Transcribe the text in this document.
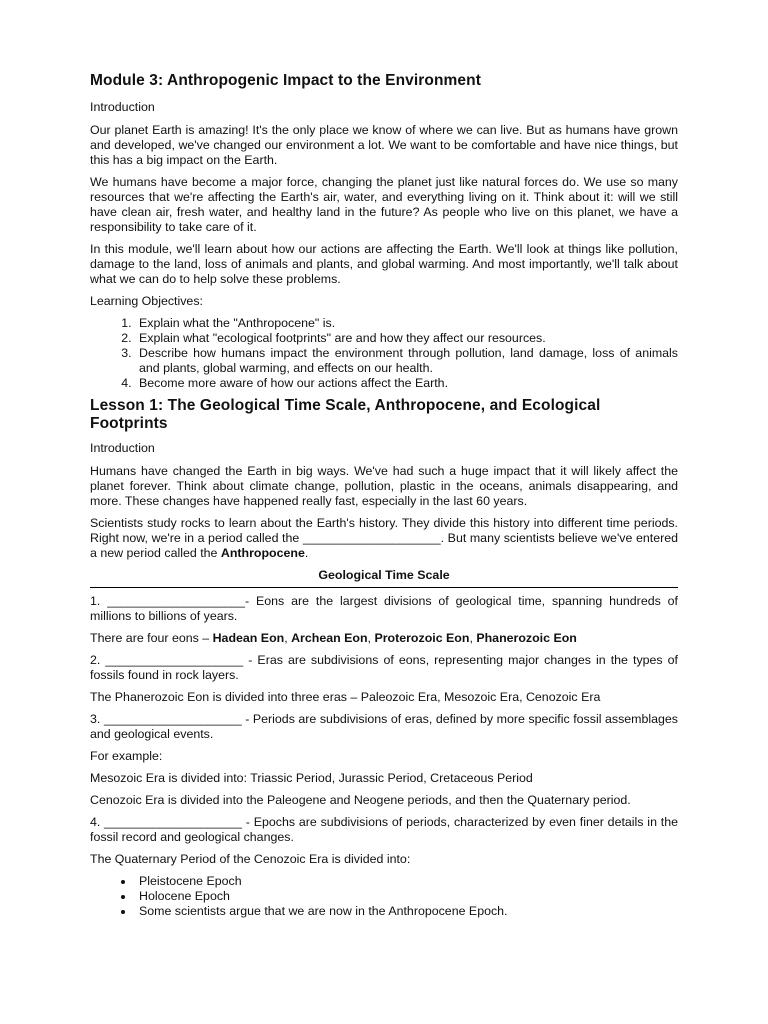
Module 3: Anthropogenic Impact to the Environment

Introduction

Our planet Earth is amazing! It's the only place we know of where we can live. But as humans have grown and developed, we've changed our environment a lot. We want to be comfortable and have nice things, but this has a big impact on the Earth.

We humans have become a major force, changing the planet just like natural forces do. We use so many resources that we're affecting the Earth's air, water, and everything living on it. Think about it: will we still have clean air, fresh water, and healthy land in the future? As people who live on this planet, we have a responsibility to take care of it.

In this module, we'll learn about how our actions are affecting the Earth. We'll look at things like pollution, damage to the land, loss of animals and plants, and global warming. And most importantly, we'll talk about what we can do to help solve these problems.

Learning Objectives:

1. Explain what the "Anthropocene" is.
2. Explain what "ecological footprints" are and how they affect our resources.
3. Describe how humans impact the environment through pollution, land damage, loss of animals and plants, global warming, and effects on our health.
4. Become more aware of how our actions affect the Earth.
Lesson 1: The Geological Time Scale, Anthropocene, and Ecological Footprints

Introduction

Humans have changed the Earth in big ways. We've had such a huge impact that it will likely affect the planet forever. Think about climate change, pollution, plastic in the oceans, animals disappearing, and more. These changes have happened really fast, especially in the last 60 years.

Scientists study rocks to learn about the Earth's history. They divide this history into different time periods. Right now, we're in a period called the ____________________. But many scientists believe we've entered a new period called the Anthropocene.

Geological Time Scale

1. ____________________- Eons are the largest divisions of geological time, spanning hundreds of millions to billions of years.

There are four eons – Hadean Eon, Archean Eon, Proterozoic Eon, Phanerozoic Eon

2. ____________________ - Eras are subdivisions of eons, representing major changes in the types of fossils found in rock layers.

The Phanerozoic Eon is divided into three eras – Paleozoic Era, Mesozoic Era, Cenozoic Era

3. ____________________ - Periods are subdivisions of eras, defined by more specific fossil assemblages and geological events.

For example:

Mesozoic Era is divided into: Triassic Period, Jurassic Period, Cretaceous Period

Cenozoic Era is divided into the Paleogene and Neogene periods, and then the Quaternary period.

4. ____________________ - Epochs are subdivisions of periods, characterized by even finer details in the fossil record and geological changes.

The Quaternary Period of the Cenozoic Era is divided into:

• Pleistocene Epoch
• Holocene Epoch
• Some scientists argue that we are now in the Anthropocene Epoch.
